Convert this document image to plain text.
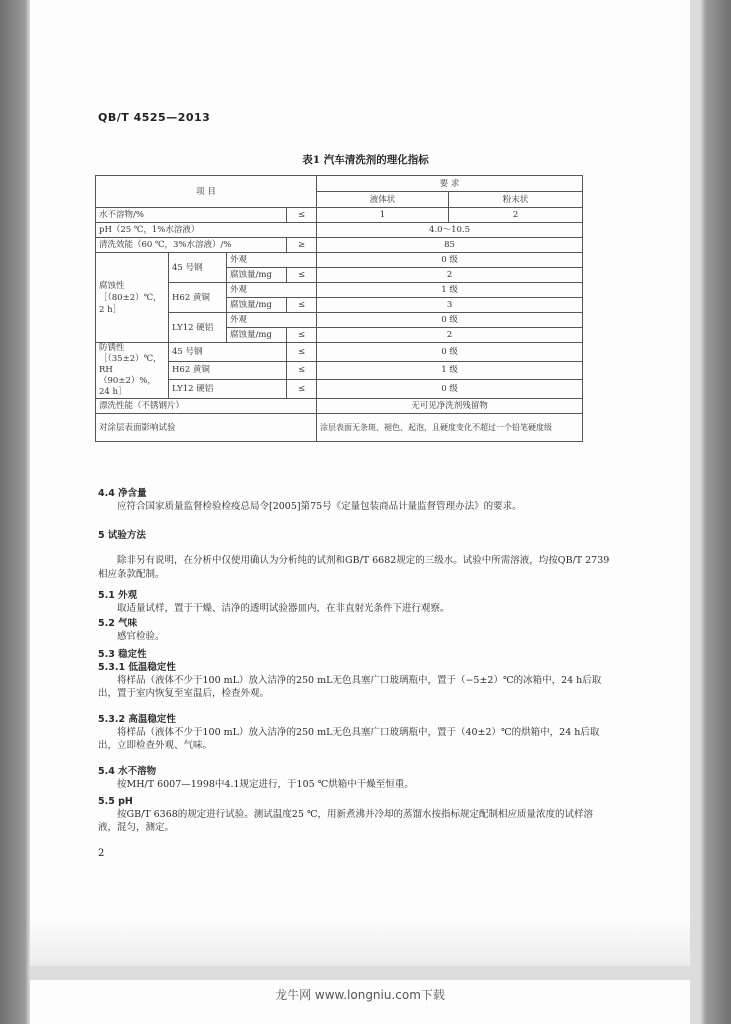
QB/T 4525—2013
表1 汽车清洗剂的理化指标
项 目				要 求	
				液体状	粉末状
水不溶物/%			≤	1	2
pH（25 ℃，1%水溶液）				4.0～10.5	
清洗效能（60 ℃，3%水溶液）/%			≥	85	
腐蚀性
［（80±2）℃，
2 h］	45 号钢	外观		0 级	
		腐蚀量/mg	≤	2	
	H62 黄铜	外观		1 级	
		腐蚀量/mg	≤	3	
	LY12 硬铝	外观		0 级	
		腐蚀量/mg	≤	2	
防锈性
［（35±2）℃，
RH（90±2）%，
24 h］	45 号钢		≤	0 级	
	H62 黄铜		≤	1 级	
	LY12 硬铝		≤	0 级	
漂洗性能（不锈钢片）				无可见净洗剂残留物	
对涂层表面影响试验				涂层表面无条斑、褪色、起泡，且硬度变化不超过一个铅笔硬度级	
4.4 净含量
应符合国家质量监督检验检疫总局令[2005]第75号《定量包装商品计量监督管理办法》的要求。
5 试验方法
除非另有说明，在分析中仅使用确认为分析纯的试剂和GB/T 6682规定的三级水。试验中所需溶液，均按QB/T 2739相应条款配制。
5.1 外观
取适量试样，置于干燥、洁净的透明试验器皿内，在非直射光条件下进行观察。
5.2 气味
感官检验。
5.3 稳定性
5.3.1 低温稳定性
将样品（液体不少于100 mL）放入洁净的250 mL无色具塞广口玻璃瓶中，置于（−5±2）℃的冰箱中，24 h后取出，置于室内恢复至室温后，检查外观。
5.3.2 高温稳定性
将样品（液体不少于100 mL）放入洁净的250 mL无色具塞广口玻璃瓶中，置于（40±2）℃的烘箱中，24 h后取出，立即检查外观、气味。
5.4 水不溶物
按MH/T 6007—1998中4.1规定进行，于105 ℃烘箱中干燥至恒重。
5.5 pH
按GB/T 6368的规定进行试验。测试温度25 ℃，用新煮沸并冷却的蒸馏水按指标规定配制相应质量浓度的试样溶液，混匀，测定。
2
龙牛网 www.longniu.com下载
